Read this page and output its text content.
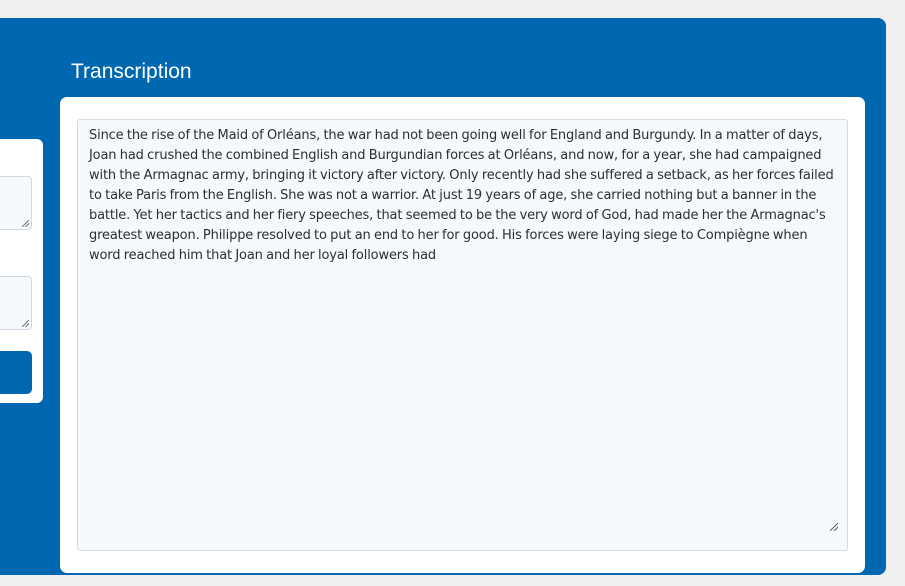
Transcription
Since the rise of the Maid of Orléans, the war had not been going well for England and Burgundy. In a matter of days, Joan had crushed the combined English and Burgundian forces at Orléans, and now, for a year, she had campaigned with the Armagnac army, bringing it victory after victory. Only recently had she suffered a setback, as her forces failed to take Paris from the English. She was not a warrior. At just 19 years of age, she carried nothing but a banner in the battle. Yet her tactics and her fiery speeches, that seemed to be the very word of God, had made her the Armagnac's greatest weapon. Philippe resolved to put an end to her for good. His forces were laying siege to Compiègne when word reached him that Joan and her loyal followers had
